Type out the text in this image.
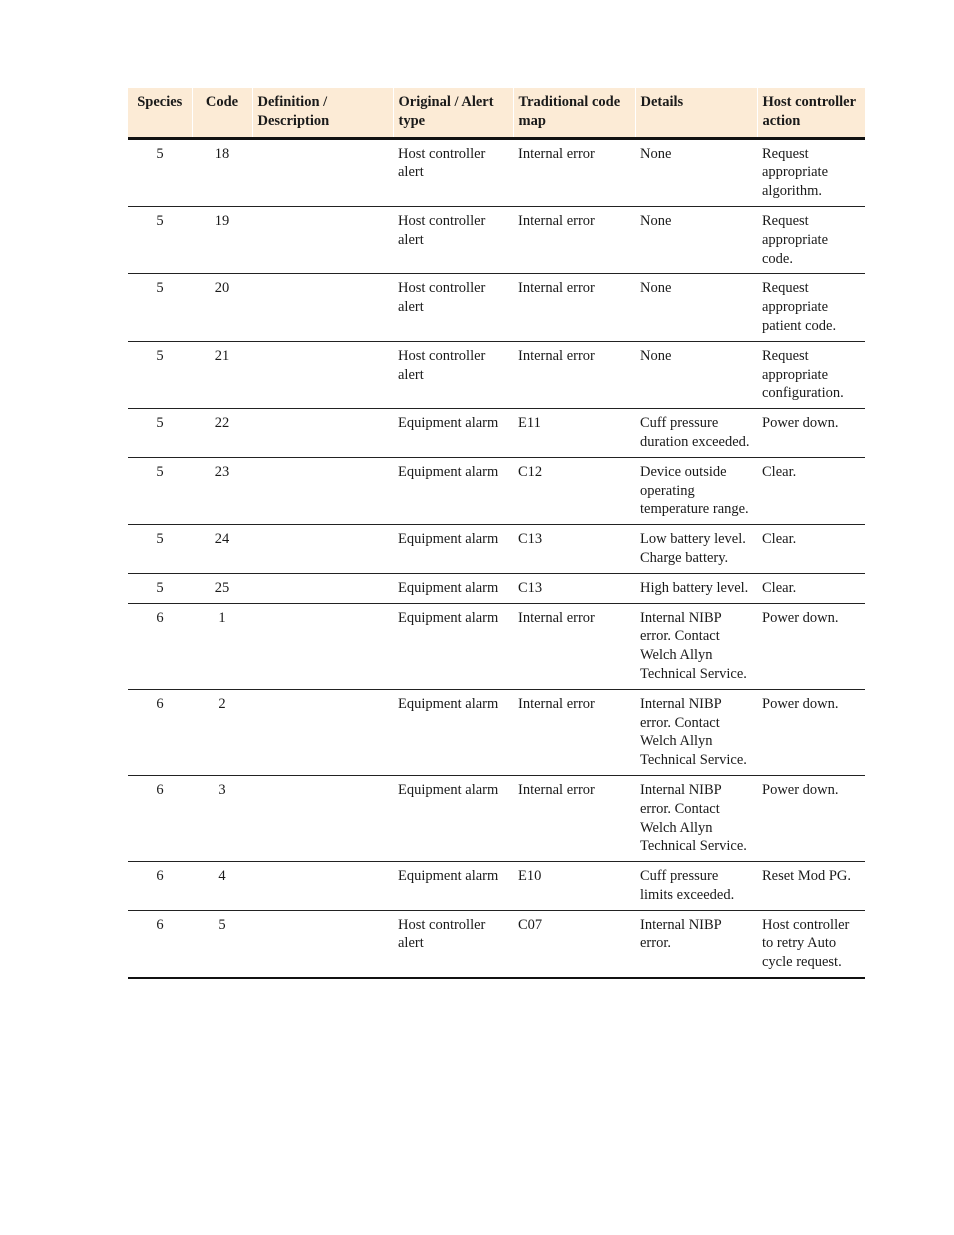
Species	Code	Definition / Description	Original / Alert type	Traditional code map	Details	Host controller action
5	18		Host controller alert	Internal error	None	Request appropriate algorithm.
5	19		Host controller alert	Internal error	None	Request appropriate code.
5	20		Host controller alert	Internal error	None	Request appropriate patient code.
5	21		Host controller alert	Internal error	None	Request appropriate configuration.
5	22		Equipment alarm	E11	Cuff pressure duration exceeded.	Power down.
5	23		Equipment alarm	C12	Device outside operating temperature range.	Clear.
5	24		Equipment alarm	C13	Low battery level. Charge battery.	Clear.
5	25		Equipment alarm	C13	High battery level.	Clear.
6	1		Equipment alarm	Internal error	Internal NIBP error. Contact Welch Allyn Technical Service.	Power down.
6	2		Equipment alarm	Internal error	Internal NIBP error. Contact Welch Allyn Technical Service.	Power down.
6	3		Equipment alarm	Internal error	Internal NIBP error. Contact Welch Allyn Technical Service.	Power down.
6	4		Equipment alarm	E10	Cuff pressure limits exceeded.	Reset Mod PG.
6	5		Host controller alert	C07	Internal NIBP error.	Host controller to retry Auto cycle request.
